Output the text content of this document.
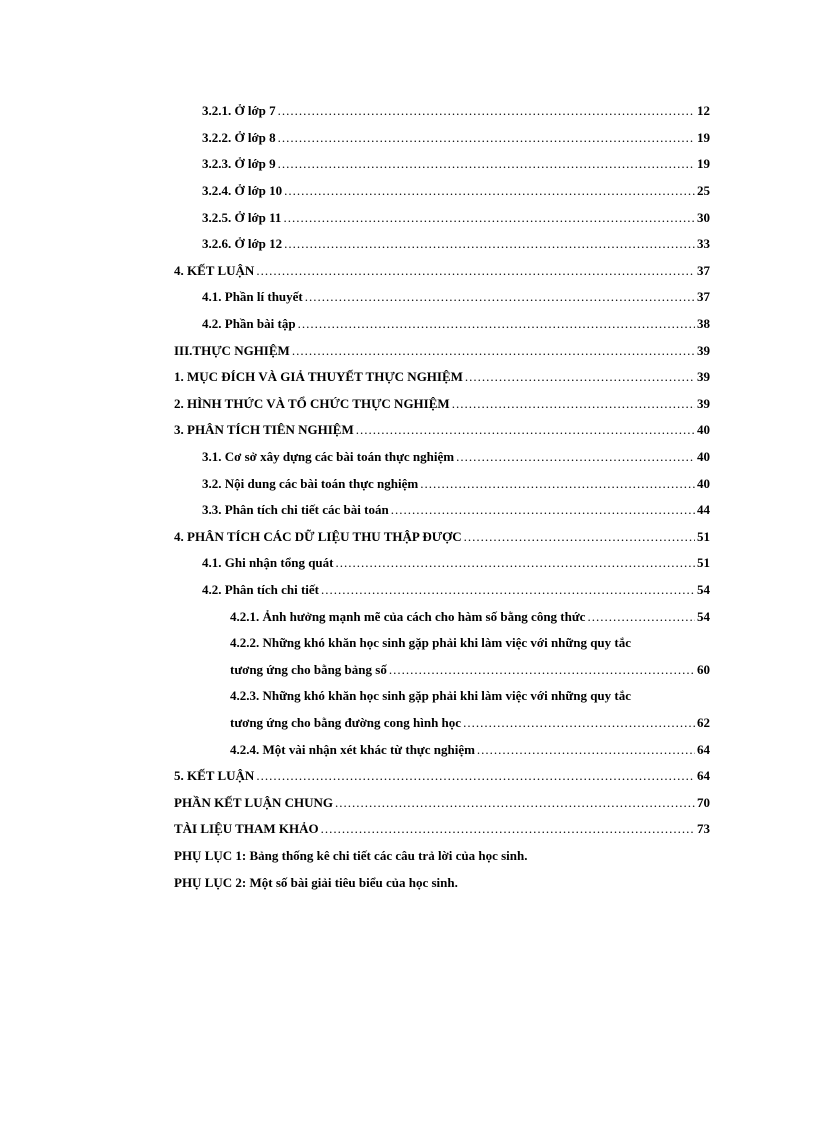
3.2.1. Ở lớp 7 .....	12
3.2.2. Ở lớp 8 .....	19
3.2.3. Ở lớp 9 .....	19
3.2.4. Ở lớp 10 .....	25
3.2.5. Ở lớp 11 .....	30
3.2.6. Ở lớp 12 .....	33
4. KẾT LUẬN .....	37
4.1. Phần lí thuyết .....	37
4.2. Phần bài tập .....	38
III.THỰC NGHIỆM .....	39
1. MỤC ĐÍCH VÀ GIẢ THUYẾT THỰC NGHIỆM .....	39
2. HÌNH THỨC VÀ TỔ CHỨC THỰC NGHIỆM .....	39
3. PHÂN TÍCH TIÊN NGHIỆM .....	40
3.1. Cơ sở xây dựng các bài toán thực nghiệm .....	40
3.2. Nội dung các bài toán thực nghiệm .....	40
3.3. Phân tích chi tiết các bài toán .....	44
4. PHÂN TÍCH CÁC DỮ LIỆU THU THẬP ĐƯỢC .....	51
4.1. Ghi nhận tổng quát .....	51
4.2. Phân tích chi tiết .....	54
4.2.1. Ảnh hưởng mạnh mẽ của cách cho hàm số bằng công thức .....	54
4.2.2. Những khó khăn học sinh gặp phải khi làm việc với những quy tắc
tương ứng cho bằng bảng số .....	60
4.2.3. Những khó khăn học sinh gặp phải khi làm việc với những quy tắc
tương ứng cho bằng đường cong hình học .....	62
4.2.4. Một vài nhận xét khác từ thực nghiệm .....	64
5. KẾT LUẬN .....	64
PHẦN KẾT LUẬN CHUNG .....	70
TÀI LIỆU THAM KHẢO .....	73
PHỤ LỤC 1: Bảng thống kê chi tiết các câu trả lời của học sinh.
PHỤ LỤC 2: Một số bài giải tiêu biểu của học sinh.
